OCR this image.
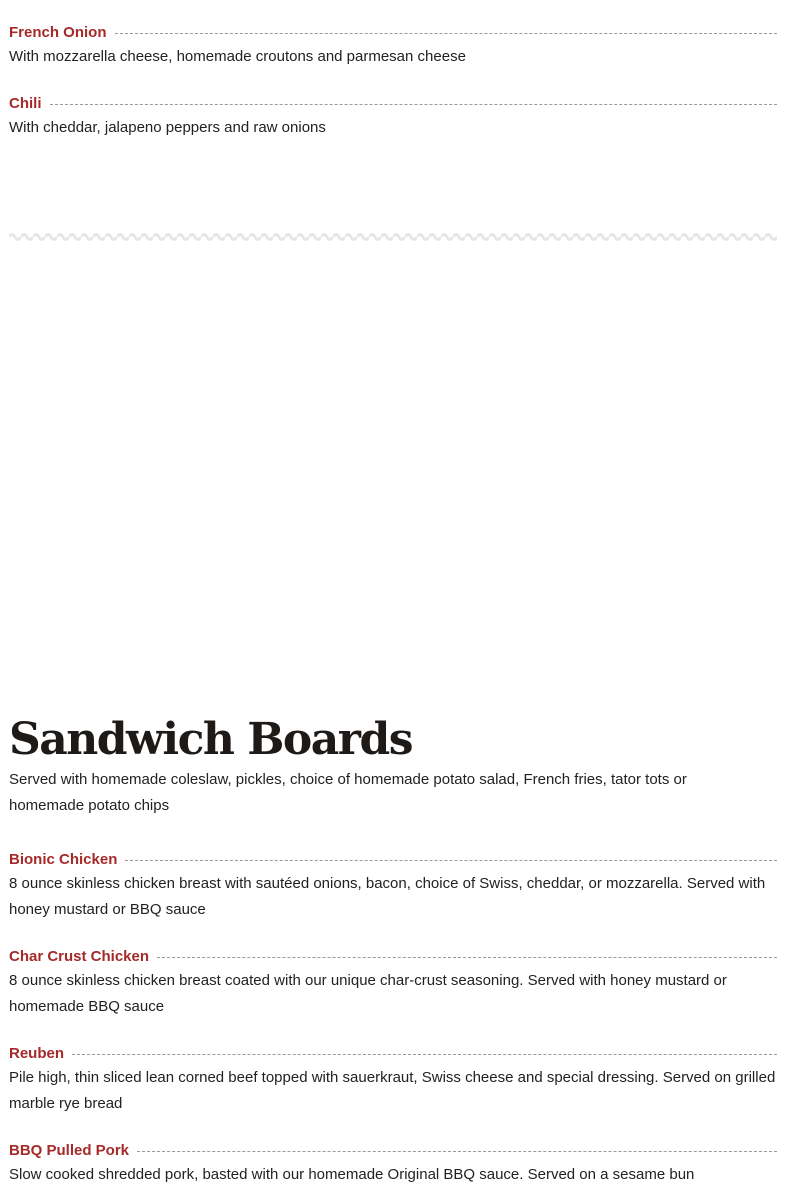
French Onion

With mozzarella cheese, homemade croutons and parmesan cheese

Chili

With cheddar, jalapeno peppers and raw onions

Sandwich Boards

Served with homemade coleslaw, pickles, choice of homemade potato salad, French fries, tator tots or homemade potato chips

Bionic Chicken

8 ounce skinless chicken breast with sautéed onions, bacon, choice of Swiss, cheddar, or mozzarella. Served with honey mustard or BBQ sauce

Char Crust Chicken

8 ounce skinless chicken breast coated with our unique char-crust seasoning. Served with honey mustard or homemade BBQ sauce

Reuben

Pile high, thin sliced lean corned beef topped with sauerkraut, Swiss cheese and special dressing. Served on grilled marble rye bread

BBQ Pulled Pork

Slow cooked shredded pork, basted with our homemade Original BBQ sauce. Served on a sesame bun
